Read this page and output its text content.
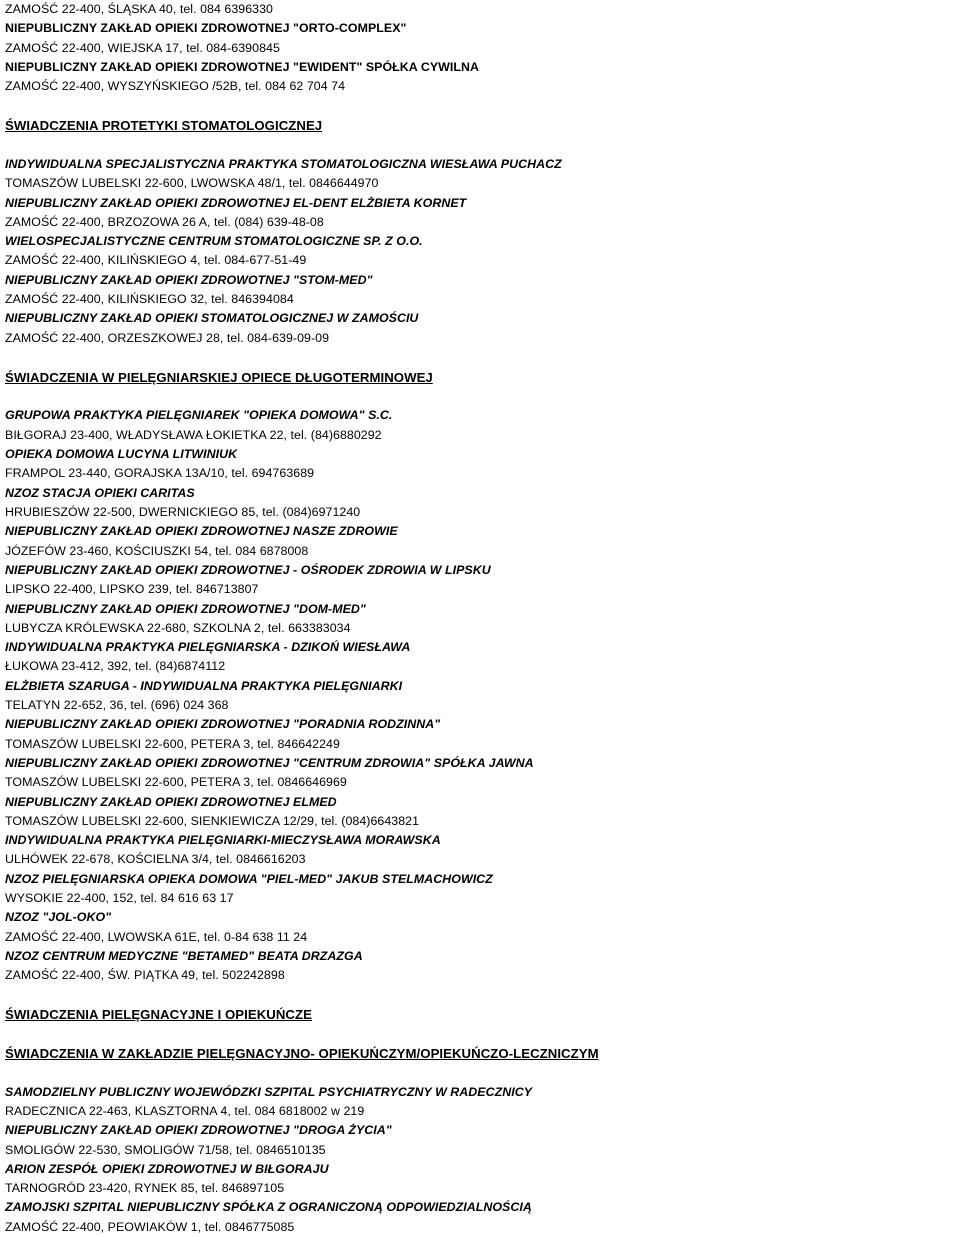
ZAMOŚĆ 22-400, ŚLĄSKA 40, tel. 084 6396330
NIEPUBLICZNY ZAKŁAD OPIEKI ZDROWOTNEJ "ORTO-COMPLEX"
ZAMOŚĆ 22-400, WIEJSKA 17, tel. 084-6390845
NIEPUBLICZNY ZAKŁAD OPIEKI ZDROWOTNEJ "EWIDENT" SPÓŁKA CYWILNA
ZAMOŚĆ 22-400, WYSZYŃSKIEGO /52B, tel. 084 62 704 74
ŚWIADCZENIA PROTETYKI STOMATOLOGICZNEJ
INDYWIDUALNA SPECJALISTYCZNA PRAKTYKA STOMATOLOGICZNA WIESŁAWA PUCHACZ
TOMASZÓW LUBELSKI 22-600, LWOWSKA 48/1, tel. 0846644970
NIEPUBLICZNY ZAKŁAD OPIEKI ZDROWOTNEJ EL-DENT ELŻBIETA KORNET
ZAMOŚĆ 22-400, BRZOZOWA 26 A, tel. (084) 639-48-08
WIELOSPECJALISTYCZNE CENTRUM STOMATOLOGICZNE SP. Z O.O.
ZAMOŚĆ 22-400, KILIŃSKIEGO 4, tel. 084-677-51-49
NIEPUBLICZNY ZAKŁAD OPIEKI ZDROWOTNEJ "STOM-MED"
ZAMOŚĆ 22-400, KILIŃSKIEGO 32, tel. 846394084
NIEPUBLICZNY ZAKŁAD OPIEKI STOMATOLOGICZNEJ W ZAMOŚCIU
ZAMOŚĆ 22-400, ORZESZKOWEJ 28, tel. 084-639-09-09
ŚWIADCZENIA W PIELĘGNIARSKIEJ OPIECE DŁUGOTERMINOWEJ
GRUPOWA PRAKTYKA PIELĘGNIAREK "OPIEKA DOMOWA" S.C.
BIŁGORAJ 23-400, WŁADYSŁAWA ŁOKIETKA 22, tel. (84)6880292
OPIEKA DOMOWA LUCYNA LITWINIUK
FRAMPOL 23-440, GORAJSKA 13A/10, tel. 694763689
NZOZ STACJA OPIEKI CARITAS
HRUBIESZÓW 22-500, DWERNICKIEGO 85, tel. (084)6971240
NIEPUBLICZNY ZAKŁAD OPIEKI ZDROWOTNEJ NASZE ZDROWIE
JÓZEFÓW 23-460, KOŚCIUSZKI 54, tel. 084 6878008
NIEPUBLICZNY ZAKŁAD OPIEKI ZDROWOTNEJ - OŚRODEK ZDROWIA W LIPSKU
LIPSKO 22-400, LIPSKO 239, tel. 846713807
NIEPUBLICZNY ZAKŁAD OPIEKI ZDROWOTNEJ "DOM-MED"
LUBYCZA KRÓLEWSKA 22-680, SZKOLNA 2, tel. 663383034
INDYWIDUALNA PRAKTYKA PIELĘGNIARSKA - DZIKOŃ WIESŁAWA
ŁUKOWA 23-412, 392, tel. (84)6874112
ELŻBIETA SZARUGA - INDYWIDUALNA PRAKTYKA PIELĘGNIARKI
TELATYN 22-652, 36, tel. (696) 024 368
NIEPUBLICZNY ZAKŁAD OPIEKI ZDROWOTNEJ "PORADNIA RODZINNA"
TOMASZÓW LUBELSKI 22-600, PETERA 3, tel. 846642249
NIEPUBLICZNY ZAKŁAD OPIEKI ZDROWOTNEJ "CENTRUM ZDROWIA" SPÓŁKA JAWNA
TOMASZÓW LUBELSKI 22-600, PETERA 3, tel. 0846646969
NIEPUBLICZNY ZAKŁAD OPIEKI ZDROWOTNEJ ELMED
TOMASZÓW LUBELSKI 22-600, SIENKIEWICZA 12/29, tel. (084)6643821
INDYWIDUALNA PRAKTYKA PIELĘGNIARKI-MIECZYSŁAWA MORAWSKA
ULHÓWEK 22-678, KOŚCIELNA 3/4, tel. 0846616203
NZOZ PIELĘGNIARSKA OPIEKA DOMOWA "PIEL-MED" JAKUB STELMACHOWICZ
WYSOKIE 22-400, 152, tel. 84 616 63 17
NZOZ "JOL-OKO"
ZAMOŚĆ 22-400, LWOWSKA 61E, tel. 0-84 638 11 24
NZOZ CENTRUM MEDYCZNE "BETAMED" BEATA DRZAZGA
ZAMOŚĆ 22-400, ŚW. PIĄTKA 49, tel. 502242898
ŚWIADCZENIA PIELĘGNACYJNE I OPIEKUŃCZE
ŚWIADCZENIA W ZAKŁADZIE PIELĘGNACYJNO- OPIEKUŃCZYM/OPIEKUŃCZO-LECZNICZYM
SAMODZIELNY PUBLICZNY WOJEWÓDZKI SZPITAL PSYCHIATRYCZNY W RADECZNICY
RADECZNICA 22-463, KLASZTORNA 4, tel. 084 6818002 w 219
NIEPUBLICZNY ZAKŁAD OPIEKI ZDROWOTNEJ "DROGA ŻYCIA"
SMOLIGÓW 22-530, SMOLIGÓW 71/58, tel. 0846510135
ARION ZESPÓŁ OPIEKI ZDROWOTNEJ W BIŁGORAJU
TARNOGRÓD 23-420, RYNEK 85, tel. 846897105
ZAMOJSKI SZPITAL NIEPUBLICZNY SPÓŁKA Z OGRANICZONĄ ODPOWIEDZIALNOŚCIĄ
ZAMOŚĆ 22-400, PEOWIAKÓW 1, tel. 0846775085
